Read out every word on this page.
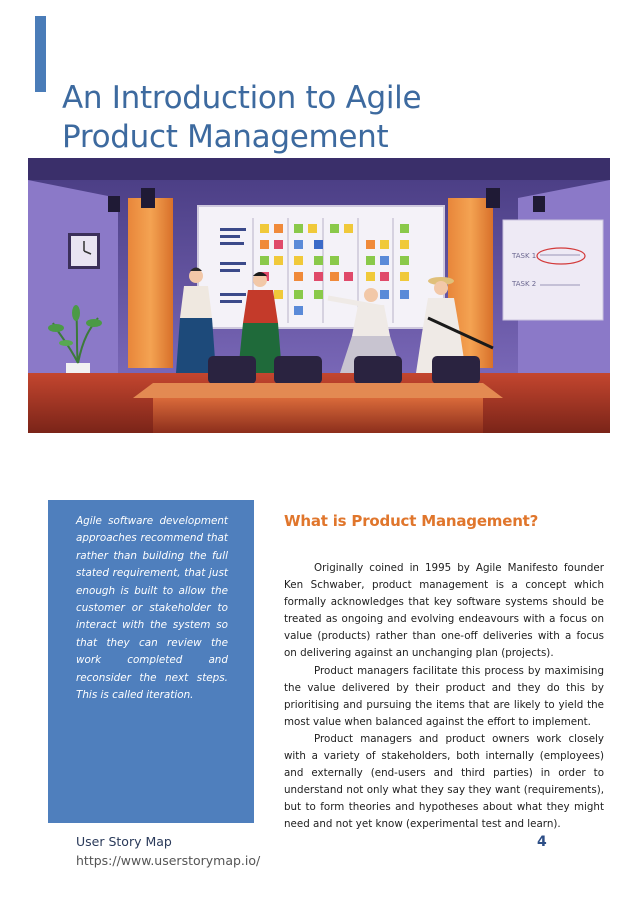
An Introduction to Agile
Product Management
TASK 1
TASK 2
Agile software development approaches recommend that rather than building the full stated requirement, that just enough is built to allow the customer or stakeholder to interact with the system so that they can review the work completed and reconsider the next steps. This is called iteration.
What is Product Management?

Originally coined in 1995 by Agile Manifesto founder Ken Schwaber, product management is a concept which formally acknowledges that key software systems should be treated as ongoing and evolving endeavours with a focus on value (products) rather than one-off deliveries with a focus on delivering against an unchanging plan (projects).

Product managers facilitate this process by maximising the value delivered by their product and they do this by prioritising and pursuing the items that are likely to yield the most value when balanced against the effort to implement.

Product managers and product owners work closely with a variety of stakeholders, both internally (employees) and externally (end-users and third parties) in order to understand not only what they say they want (requirements), but to form theories and hypotheses about what they might need and not yet know (experimental test and learn).

User Story Map
https://www.userstorymap.io/
4
